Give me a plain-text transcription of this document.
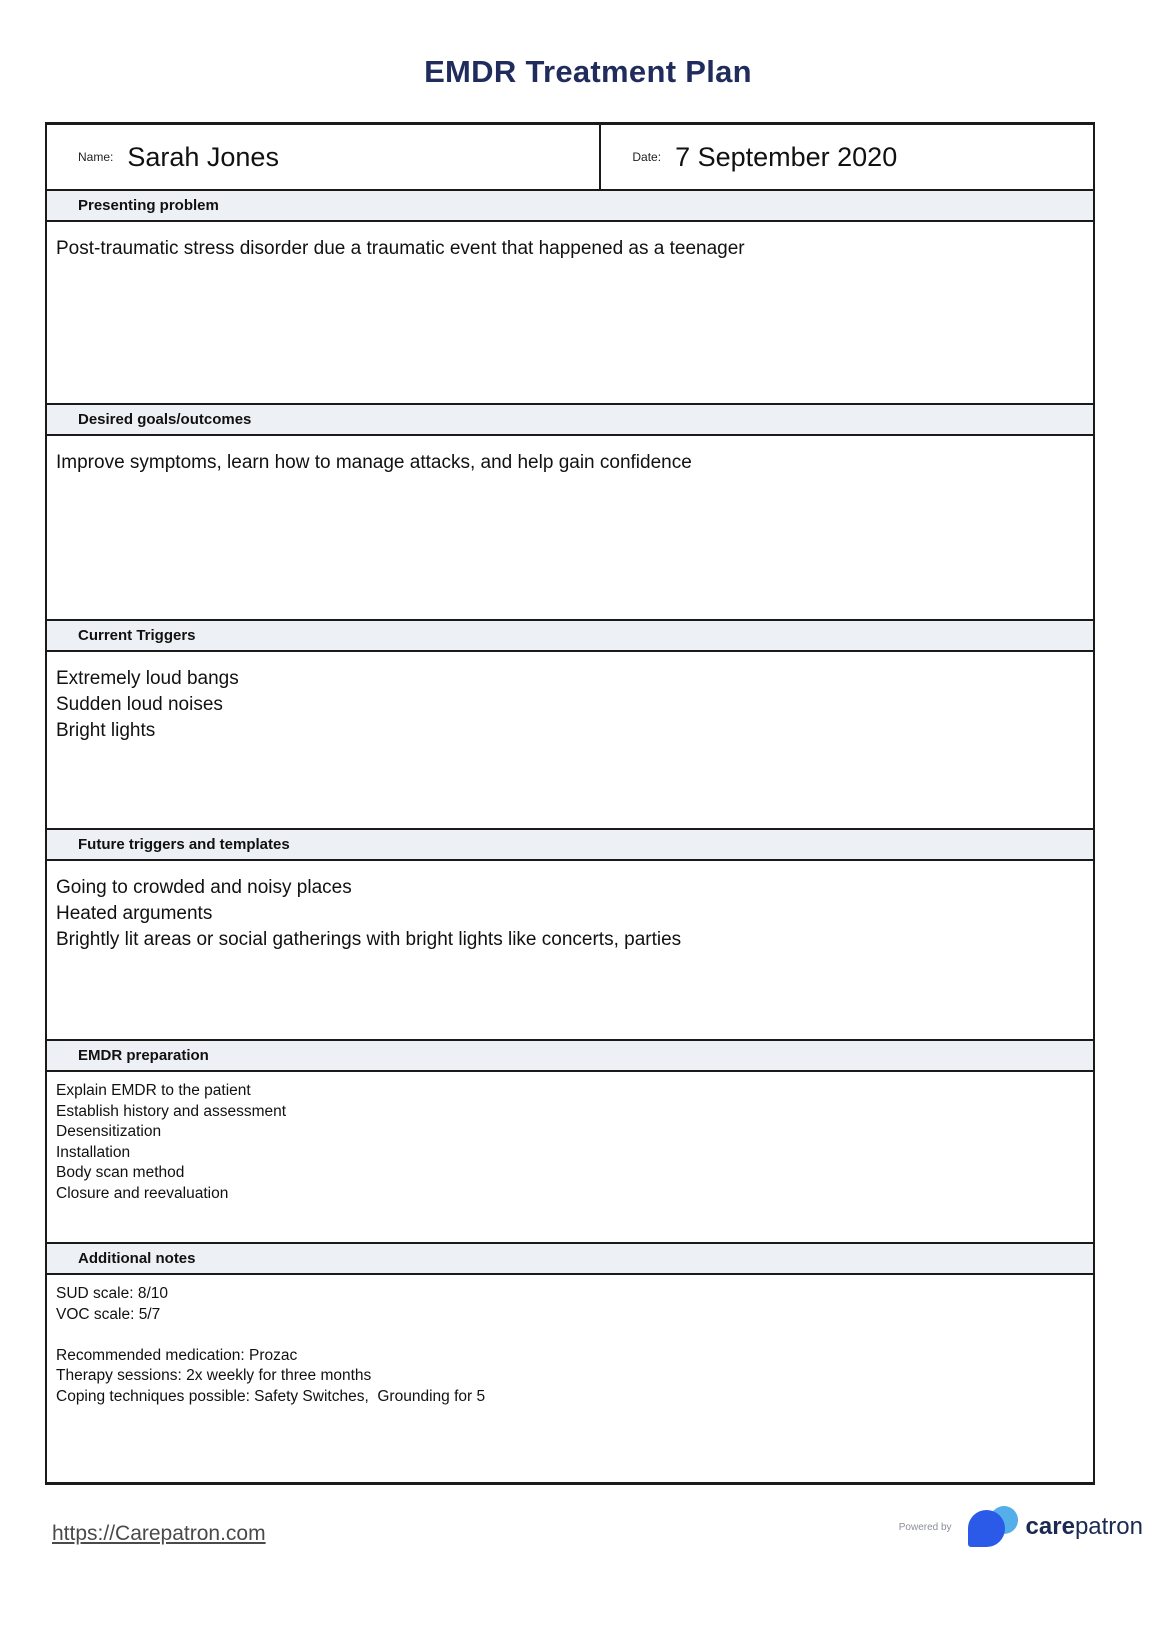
EMDR Treatment Plan
Name: Sarah Jones	Date: 7 September 2020
Presenting problem
Post-traumatic stress disorder due a traumatic event that happened as a teenager
Desired goals/outcomes
Improve symptoms, learn how to manage attacks, and help gain confidence
Current Triggers
Extremely loud bangs
Sudden loud noises
Bright lights
Future triggers and templates
Going to crowded and noisy places
Heated arguments
Brightly lit areas or social gatherings with bright lights like concerts, parties
EMDR preparation
Explain EMDR to the patient
Establish history and assessment
Desensitization
Installation
Body scan method
Closure and reevaluation
Additional notes
SUD scale: 8/10
VOC scale: 5/7

Recommended medication: Prozac
Therapy sessions: 2x weekly for three months
Coping techniques possible: Safety Switches,  Grounding for 5
https://Carepatron.com	Powered by	carepatron
